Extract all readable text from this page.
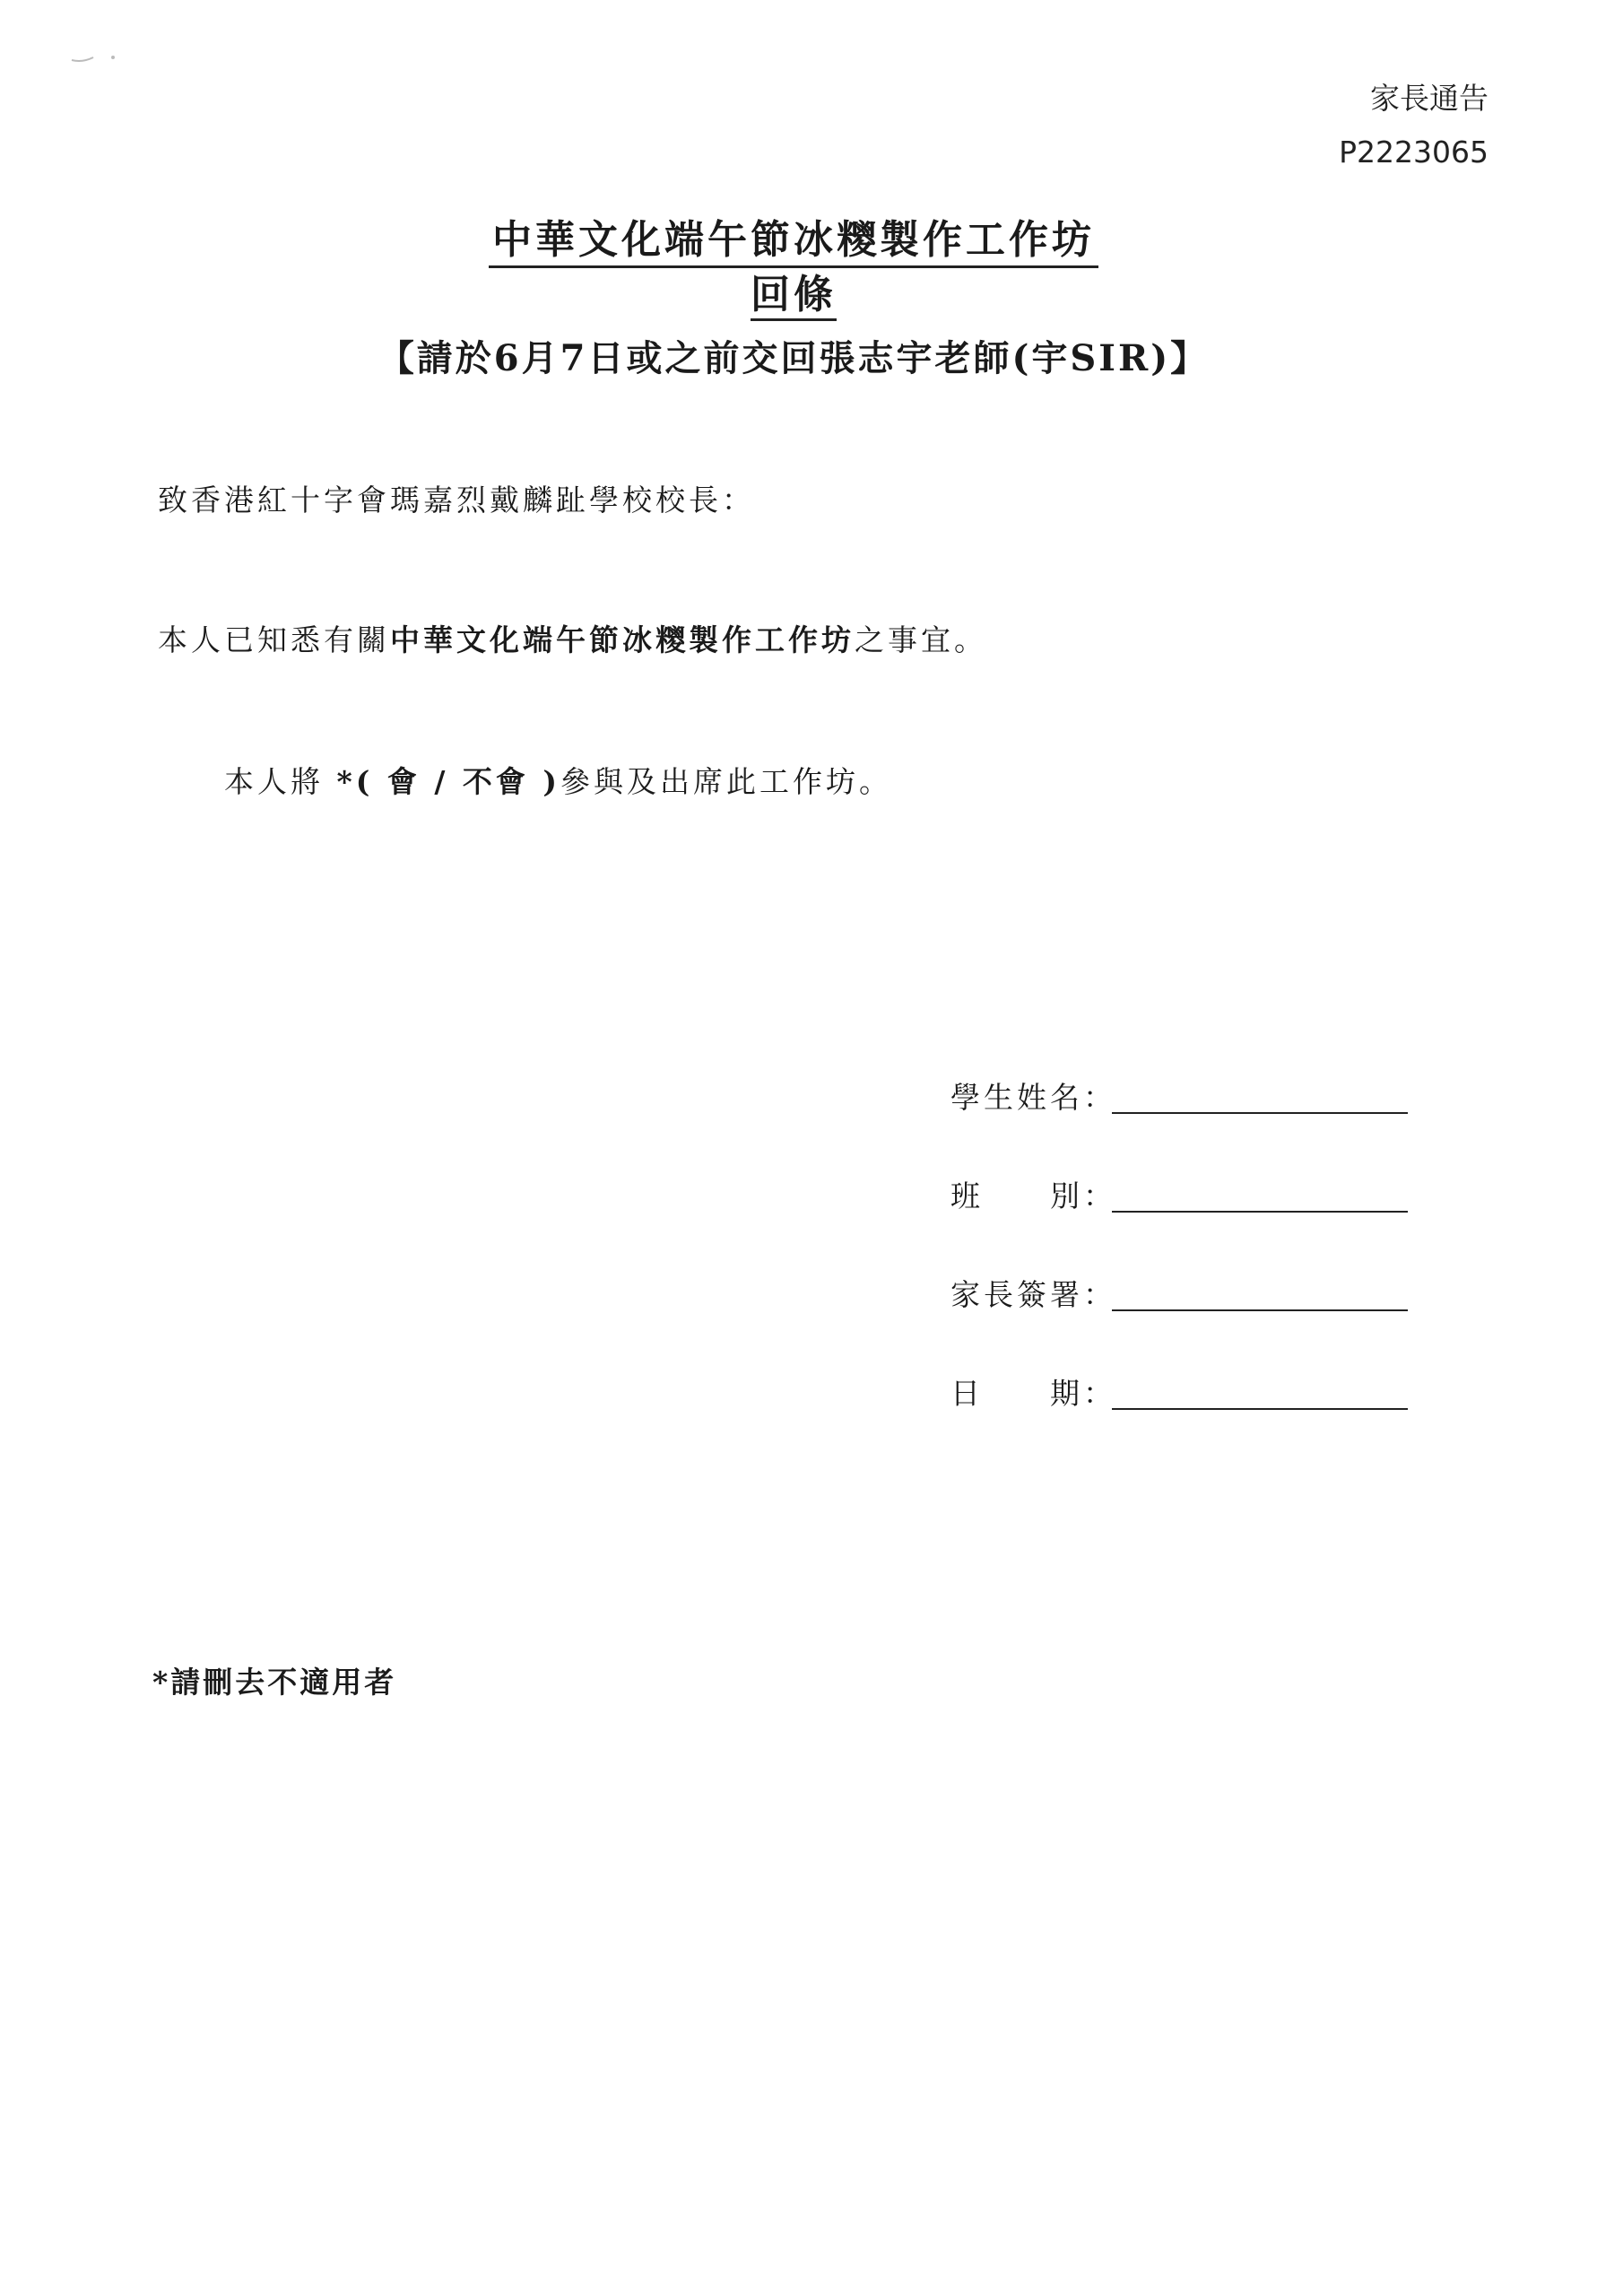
家長通告
P2223065
中華文化端午節冰糭製作工作坊
回條
【請於6月7日或之前交回張志宇老師(宇SIR)】
致香港紅十字會瑪嘉烈戴麟趾學校校長：
本人已知悉有關中華文化端午節冰糭製作工作坊之事宜。
本人將 *( 會 / 不會 )參與及出席此工作坊。
學生姓名：
班　　別：
家長簽署：
日　　期：
*請刪去不適用者
